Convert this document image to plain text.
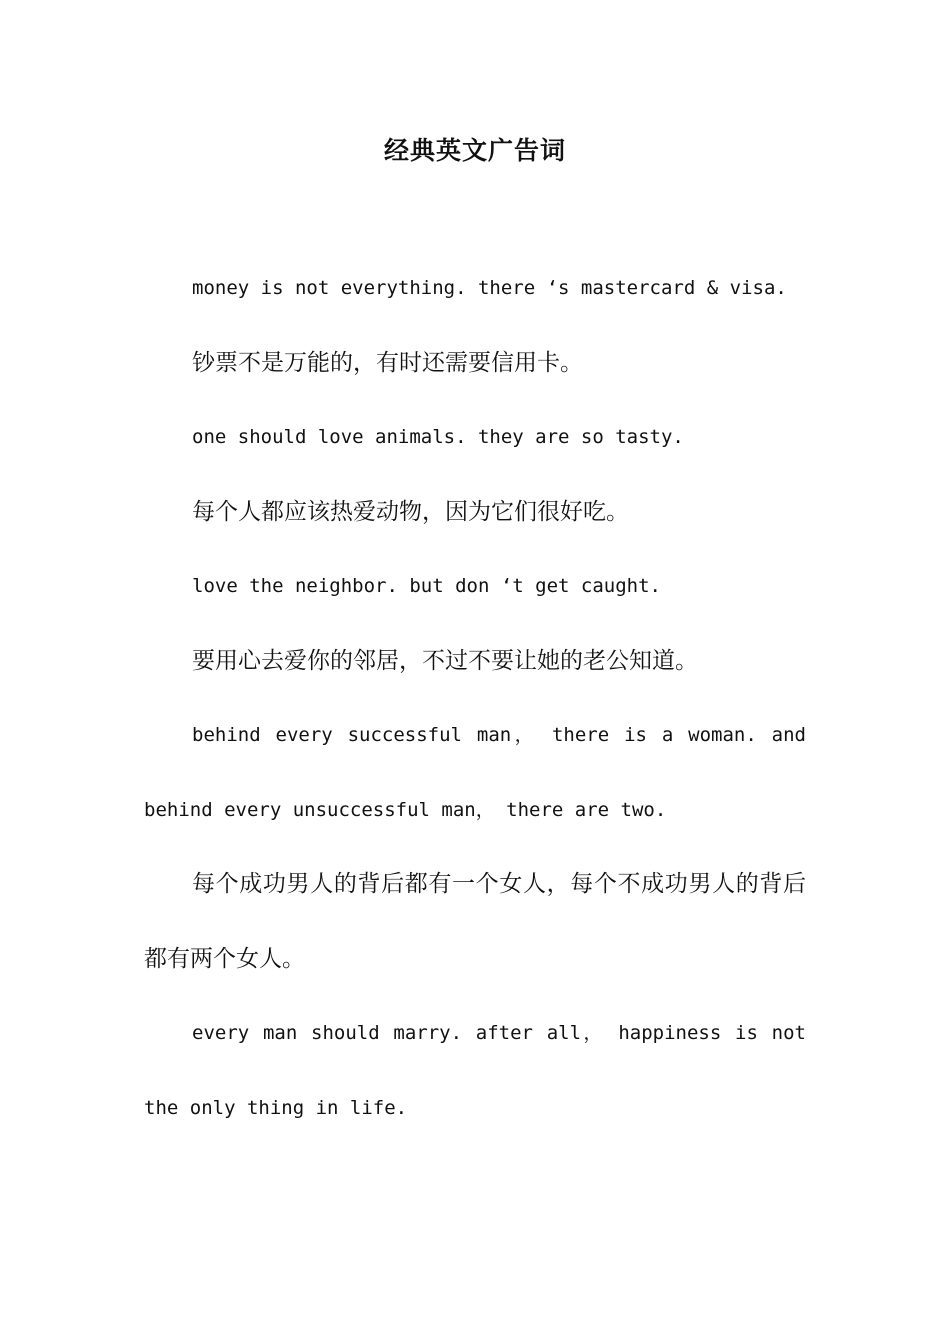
经典英文广告词

money is not everything. there ‘s mastercard & visa.

钞票不是万能的，有时还需要信用卡。

one should love animals. they are so tasty.

每个人都应该热爱动物，因为它们很好吃。

love the neighbor. but don ‘t get caught.

要用心去爱你的邻居，不过不要让她的老公知道。

behind every successful man， there is a woman. and behind every unsuccessful man， there are two.

每个成功男人的背后都有一个女人，每个不成功男人的背后都有两个女人。

every man should marry. after all， happiness is not the only thing in life.
